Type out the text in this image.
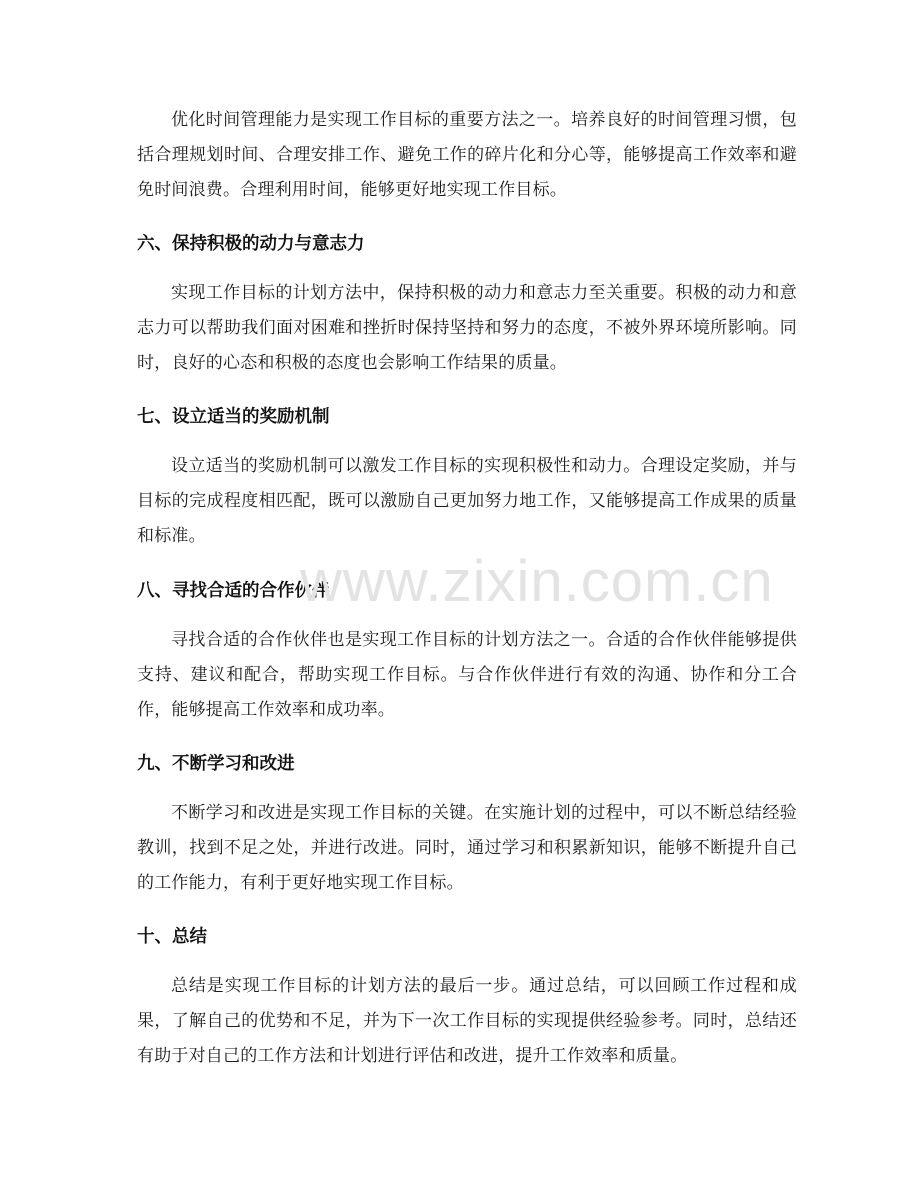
优化时间管理能力是实现工作目标的重要方法之一。培养良好的时间管理习惯，包括合理规划时间、合理安排工作、避免工作的碎片化和分心等，能够提高工作效率和避免时间浪费。合理利用时间，能够更好地实现工作目标。

六、保持积极的动力与意志力

实现工作目标的计划方法中，保持积极的动力和意志力至关重要。积极的动力和意志力可以帮助我们面对困难和挫折时保持坚持和努力的态度，不被外界环境所影响。同时，良好的心态和积极的态度也会影响工作结果的质量。

七、设立适当的奖励机制

设立适当的奖励机制可以激发工作目标的实现积极性和动力。合理设定奖励，并与目标的完成程度相匹配，既可以激励自己更加努力地工作，又能够提高工作成果的质量和标准。

八、寻找合适的合作伙伴

寻找合适的合作伙伴也是实现工作目标的计划方法之一。合适的合作伙伴能够提供支持、建议和配合，帮助实现工作目标。与合作伙伴进行有效的沟通、协作和分工合作，能够提高工作效率和成功率。

九、不断学习和改进

不断学习和改进是实现工作目标的关键。在实施计划的过程中，可以不断总结经验教训，找到不足之处，并进行改进。同时，通过学习和积累新知识，能够不断提升自己的工作能力，有利于更好地实现工作目标。

十、总结

总结是实现工作目标的计划方法的最后一步。通过总结，可以回顾工作过程和成果，了解自己的优势和不足，并为下一次工作目标的实现提供经验参考。同时，总结还有助于对自己的工作方法和计划进行评估和改进，提升工作效率和质量。

www.zixin.com.cn
